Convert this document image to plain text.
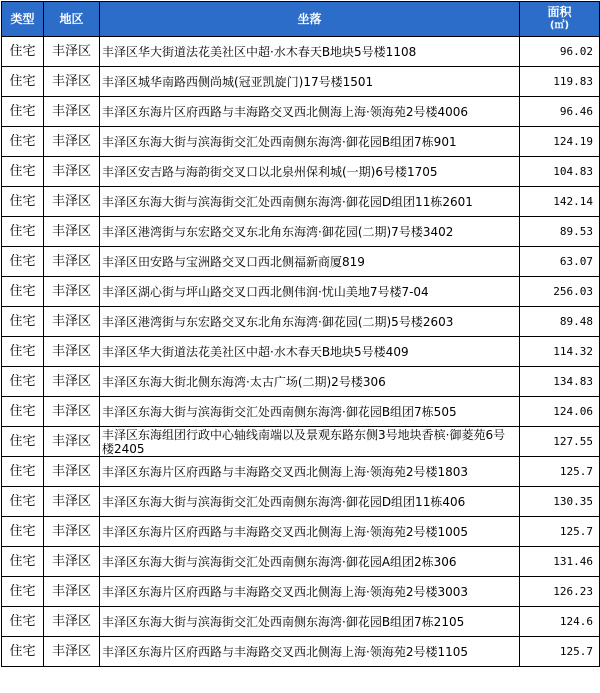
类型	地区	坐落	面积
(㎡)

住宅	丰泽区	丰泽区华大街道法花美社区中超·水木春天B地块5号楼1108	96.02
住宅	丰泽区	丰泽区城华南路西侧尚城(冠亚凯旋门)17号楼1501	119.83
住宅	丰泽区	丰泽区东海片区府西路与丰海路交叉西北侧海上海·领海苑2号楼4006	96.46
住宅	丰泽区	丰泽区东海大街与滨海街交汇处西南侧东海湾·御花园B组团7栋901	124.19
住宅	丰泽区	丰泽区安吉路与海韵街交叉口以北泉州保利城(一期)6号楼1705	104.83
住宅	丰泽区	丰泽区东海大街与滨海街交汇处西南侧东海湾·御花园D组团11栋2601	142.14
住宅	丰泽区	丰泽区港湾街与东宏路交叉东北角东海湾·御花园(二期)7号楼3402	89.53
住宅	丰泽区	丰泽区田安路与宝洲路交叉口西北侧福新商厦819	63.07
住宅	丰泽区	丰泽区湖心街与坪山路交叉口西北侧伟润·忧山美地7号楼7-04	256.03
住宅	丰泽区	丰泽区港湾街与东宏路交叉东北角东海湾·御花园(二期)5号楼2603	89.48
住宅	丰泽区	丰泽区华大街道法花美社区中超·水木春天B地块5号楼409	114.32
住宅	丰泽区	丰泽区东海大街北侧东海湾·太古广场(二期)2号楼306	134.83
住宅	丰泽区	丰泽区东海大街与滨海街交汇处西南侧东海湾·御花园B组团7栋505	124.06
住宅	丰泽区	丰泽区东海组团行政中心轴线南端以及景观东路东侧3号地块香槟·御菱苑6号楼2405	127.55
住宅	丰泽区	丰泽区东海片区府西路与丰海路交叉西北侧海上海·领海苑2号楼1803	125.7
住宅	丰泽区	丰泽区东海大街与滨海街交汇处西南侧东海湾·御花园D组团11栋406	130.35
住宅	丰泽区	丰泽区东海片区府西路与丰海路交叉西北侧海上海·领海苑2号楼1005	125.7
住宅	丰泽区	丰泽区东海大街与滨海街交汇处西南侧东海湾·御花园A组团2栋306	131.46
住宅	丰泽区	丰泽区东海片区府西路与丰海路交叉西北侧海上海·领海苑2号楼3003	126.23
住宅	丰泽区	丰泽区东海大街与滨海街交汇处西南侧东海湾·御花园B组团7栋2105	124.6
住宅	丰泽区	丰泽区东海片区府西路与丰海路交叉西北侧海上海·领海苑2号楼1105	125.7
